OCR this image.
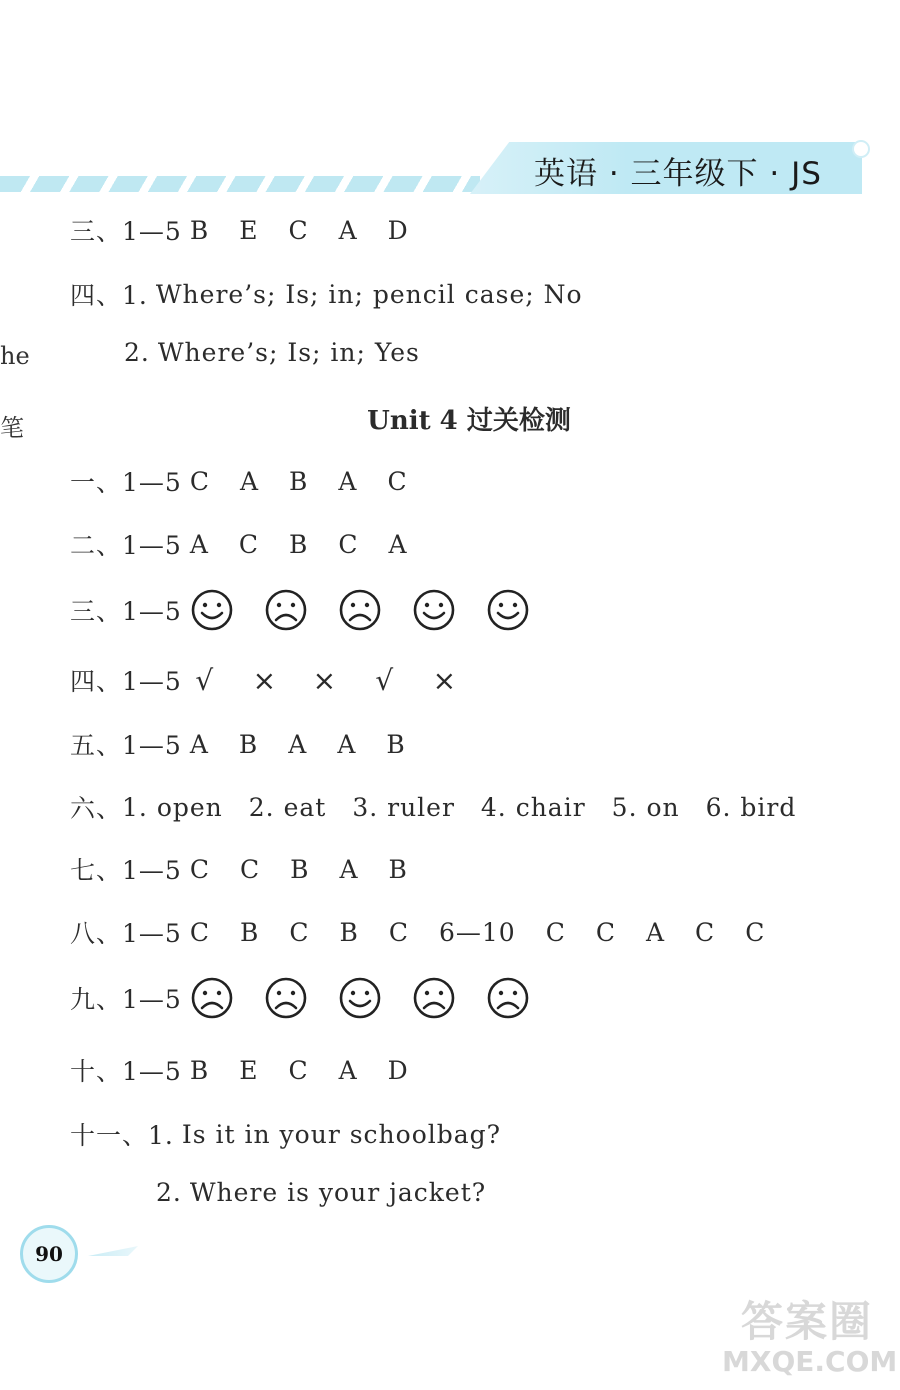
英语 · 三年级下 · JS
he
笔
三、1—5 B E C A D
四、1. Where’s; Is; in; pencil case; No
2. Where’s; Is; in; Yes
Unit 4 过关检测
一、1—5 C A B A C
二、1—5 A C B C A
三、1—5
四、1—5 √ × × √ ×
五、1—5 A B A A B
六、 1. open 2. eat 3. ruler 4. chair 5. on 6. bird
七、1—5 C C B A B
八、1—5 C B C B C 6—10 C C A C C
九、1—5
十、1—5 B E C A D
十一、1. Is it in your schoolbag?
2. Where is your jacket?
90
答案圈
MXQE.COM
